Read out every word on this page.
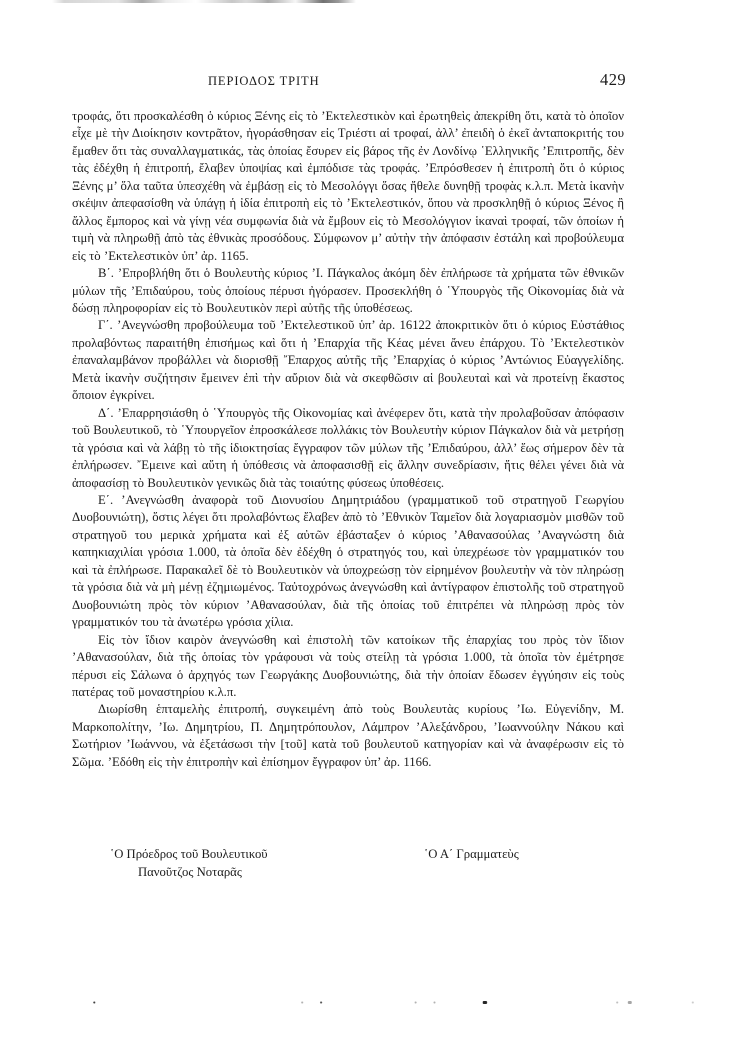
ΠΕΡΙΟΔΟΣ ΤΡΙΤΗ	429

τροφάς, ὅτι προσκαλέσθη ὁ κύριος Ξένης εἰς τὸ ’Εκτελεστικὸν καὶ ἐρωτηθεὶς ἀπεκρίθη ὅτι, κατὰ τὸ ὁποῖον εἶχε μὲ τὴν Διοίκησιν κοντρᾶτον, ἠγοράσθησαν εἰς Τριέστι αἱ τροφαί, ἀλλ’ ἐπειδὴ ὁ ἐκεῖ ἀνταποκριτής του ἔμαθεν ὅτι τὰς συναλλαγματικάς, τὰς ὁποίας ἔσυρεν εἰς βάρος τῆς ἐν Λονδίνῳ ῾Ελληνικῆς ’Επιτροπῆς, δὲν τὰς ἐδέχθη ἡ ἐπιτροπή, ἔλαβεν ὑποψίας καὶ ἐμπόδισε τὰς τροφάς. ’Επρόσθεσεν ἡ ἐπιτροπὴ ὅτι ὁ κύριος Ξένης μ’ ὅλα ταῦτα ὑπεσχέθη νὰ ἐμβάσῃ εἰς τὸ Μεσολόγγι ὅσας ἤθελε δυνηθῇ τροφὰς κ.λ.π. Μετὰ ἱκανὴν σκέψιν ἀπεφασίσθη νὰ ὑπάγῃ ἡ ἰδία ἐπιτροπὴ εἰς τὸ ’Εκτελεστικόν, ὅπου νὰ προσκληθῇ ὁ κύριος Ξένος ἢ ἄλλος ἔμπορος καὶ νὰ γίνῃ νέα συμφωνία διὰ νὰ ἔμβουν εἰς τὸ Μεσολόγγιον ἱκαναὶ τροφαί, τῶν ὁποίων ἡ τιμὴ νὰ πληρωθῇ ἀπὸ τὰς ἐθνικὰς προσόδους. Σύμφωνον μ’ αὐτὴν τὴν ἀπόφασιν ἐστάλη καὶ προβούλευμα εἰς τὸ ’Εκτελεστικὸν ὑπ’ ἀρ. 1165.

Β΄. ’Επροβλήθη ὅτι ὁ Βουλευτὴς κύριος ’Ι. Πάγκαλος ἀκόμη δὲν ἐπλήρωσε τὰ χρήματα τῶν ἐθνικῶν μύλων τῆς ’Επιδαύρου, τοὺς ὁποίους πέρυσι ἠγόρασεν. Προσεκλήθη ὁ ῾Υπουργὸς τῆς Οἰκονομίας διὰ νὰ δώσῃ πληροφορίαν εἰς τὸ Βουλευτικὸν περὶ αὐτῆς τῆς ὑποθέσεως.

Γ΄. ’Ανεγνώσθη προβούλευμα τοῦ ’Εκτελεστικοῦ ὑπ’ ἀρ. 16122 ἀποκριτικὸν ὅτι ὁ κύριος Εὐστάθιος προλαβόντως παραιτήθη ἐπισήμως καὶ ὅτι ἡ ’Επαρχία τῆς Κέας μένει ἄνευ ἐπάρχου. Τὸ ’Εκτελεστικὸν ἐπαναλαμβάνον προβάλλει νὰ διορισθῇ ῎Επαρχος αὐτῆς τῆς ’Επαρχίας ὁ κύριος ’Αντώνιος Εὐαγγελίδης. Μετὰ ἱκανὴν συζήτησιν ἔμεινεν ἐπὶ τὴν αὔριον διὰ νὰ σκεφθῶσιν αἱ βουλευταὶ καὶ νὰ προτείνῃ ἕκαστος ὅποιον ἐγκρίνει.

Δ΄. ’Επαρρησιάσθη ὁ ῾Υπουργὸς τῆς Οἰκονομίας καὶ ἀνέφερεν ὅτι, κατὰ τὴν προλαβοῦσαν ἀπόφασιν τοῦ Βουλευτικοῦ, τὸ ῾Υπουργεῖον ἐπροσκάλεσε πολλάκις τὸν Βουλευτὴν κύριον Πάγκαλον διὰ νὰ μετρήσῃ τὰ γρόσια καὶ νὰ λάβῃ τὸ τῆς ἰδιοκτησίας ἔγγραφον τῶν μύλων τῆς ’Επιδαύρου, ἀλλ’ ἕως σήμερον δὲν τὰ ἐπλήρωσεν. ῎Εμεινε καὶ αὕτη ἡ ὑπόθεσις νὰ ἀποφασισθῇ εἰς ἄλλην συνεδρίασιν, ἥτις θέλει γένει διὰ νὰ ἀποφασίσῃ τὸ Βουλευτικὸν γενικῶς διὰ τὰς τοιαύτης φύσεως ὑποθέσεις.

Ε΄. ’Ανεγνώσθη ἀναφορὰ τοῦ Διονυσίου Δημητριάδου (γραμματικοῦ τοῦ στρατηγοῦ Γεωργίου Δυοβουνιώτη), ὅστις λέγει ὅτι προλαβόντως ἔλαβεν ἀπὸ τὸ ’Εθνικὸν Ταμεῖον διὰ λογαριασμὸν μισθῶν τοῦ στρατηγοῦ του μερικὰ χρήματα καὶ ἐξ αὐτῶν ἐβάσταξεν ὁ κύριος ’Αθανασούλας ’Αναγνώστη διὰ καπηκιαχιλίαι γρόσια 1.000, τὰ ὁποῖα δὲν ἐδέχθη ὁ στρατηγός του, καὶ ὑπεχρέωσε τὸν γραμματικόν του καὶ τὰ ἐπλήρωσε. Παρακαλεῖ δὲ τὸ Βουλευτικὸν νὰ ὑποχρεώσῃ τὸν εἰρημένον βουλευτὴν νὰ τὸν πληρώσῃ τὰ γρόσια διὰ νὰ μὴ μένῃ ἐζημιωμένος. Ταὐτοχρόνως ἀνεγνώσθη καὶ ἀντίγραφον ἐπιστολῆς τοῦ στρατηγοῦ Δυοβουνιώτη πρὸς τὸν κύριον ’Αθανασούλαν, διὰ τῆς ὁποίας τοῦ ἐπιτρέπει νὰ πληρώσῃ πρὸς τὸν γραμματικόν του τὰ ἀνωτέρω γρόσια χίλια.

Εἰς τὸν ἴδιον καιρὸν ἀνεγνώσθη καὶ ἐπιστολὴ τῶν κατοίκων τῆς ἐπαρχίας του πρὸς τὸν ἴδιον ’Αθανασούλαν, διὰ τῆς ὁποίας τὸν γράφουσι νὰ τοὺς στείλῃ τὰ γρόσια 1.000, τὰ ὁποῖα τὸν ἐμέτρησε πέρυσι εἰς Σάλωνα ὁ ἀρχηγός των Γεωργάκης Δυοβουνιώτης, διὰ τὴν ὁποίαν ἔδωσεν ἐγγύησιν εἰς τοὺς πατέρας τοῦ μοναστηρίου κ.λ.π.

Διωρίσθη ἑπταμελὴς ἐπιτροπή, συγκειμένη ἀπὸ τοὺς Βουλευτὰς κυρίους ’Ιω. Εὐγενίδην, Μ. Μαρκοπολίτην, ’Ιω. Δημητρίου, Π. Δημητρόπουλον, Λάμπρον ’Αλεξάνδρου, ’Ιωαννούλην Νάκου καὶ Σωτήριον ’Ιωάννου, νὰ ἐξετάσωσι τὴν [τοῦ] κατὰ τοῦ βουλευτοῦ κατηγορίαν καὶ νὰ ἀναφέρωσιν εἰς τὸ Σῶμα. ’Εδόθη εἰς τὴν ἐπιτροπὴν καὶ ἐπίσημον ἔγγραφον ὑπ’ ἀρ. 1166.

῾Ο Πρόεδρος τοῦ Βουλευτικοῦ
Πανοῦτζος Νοταρᾶς
῾Ο Α΄ Γραμματεὺς
